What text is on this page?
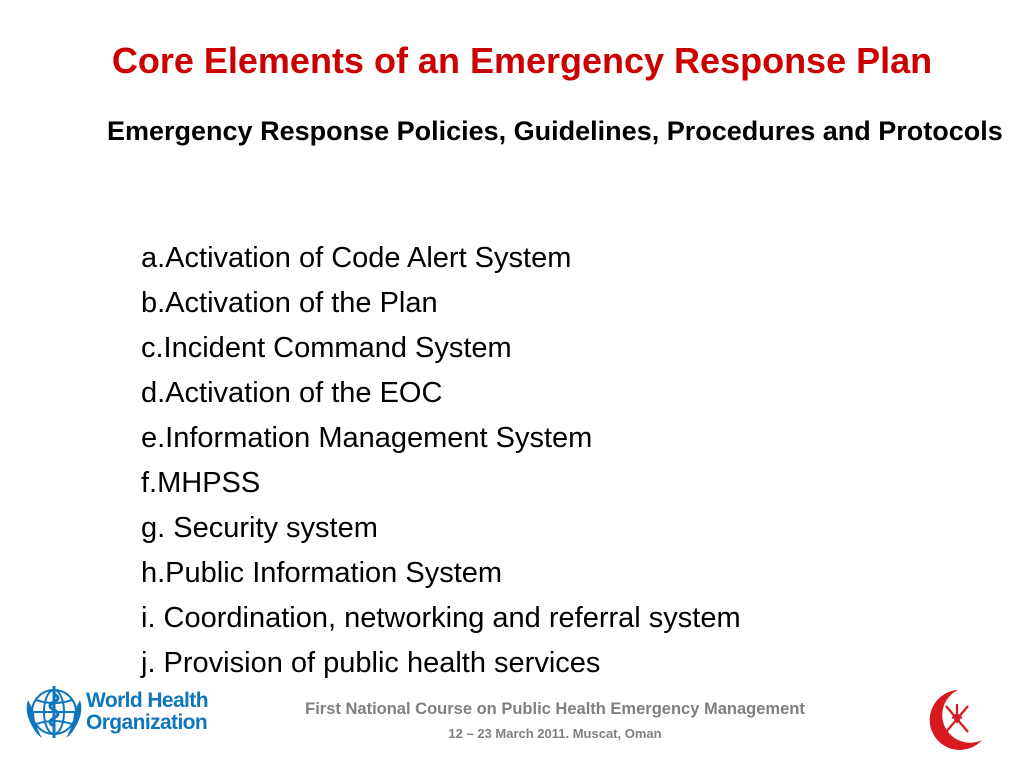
Core Elements of an Emergency Response Plan
Emergency Response Policies, Guidelines, Procedures and Protocols
a.Activation of Code Alert System
b.Activation of the Plan
c.Incident Command System
d.Activation of the EOC
e.Information Management System
f.MHPSS
g. Security system
h.Public Information System
i. Coordination, networking and referral system
j. Provision of public health services
World Health
Organization
First National Course on Public Health Emergency Management
12 – 23 March 2011. Muscat, Oman
